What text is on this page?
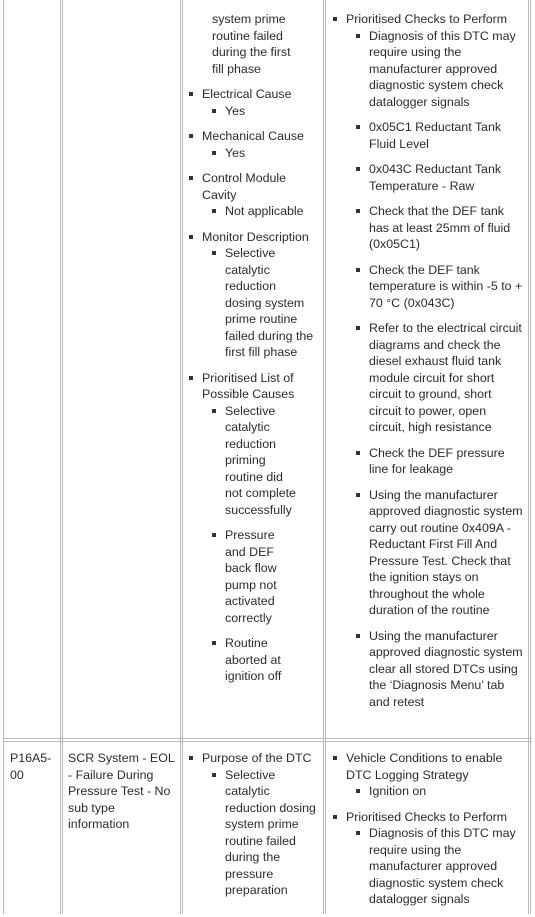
system prime
routine failed
during the first
fill phase
Electrical Cause
Yes
Mechanical Cause
Yes
Control Module Cavity
Not applicable
Monitor Description
Selective catalytic reduction dosing system prime routine failed during the first fill phase
Prioritised List of Possible Causes
Selective catalytic reduction priming routine did not complete successfully
Pressure and DEF back flow pump not activated correctly
Routine aborted at ignition off
Prioritised Checks to Perform
Diagnosis of this DTC may require using the manufacturer approved diagnostic system check datalogger signals
0x05C1 Reductant Tank Fluid Level
0x043C Reductant Tank Temperature - Raw
Check that the DEF tank has at least 25mm of fluid (0x05C1)
Check the DEF tank temperature is within -5 to + 70 °C (0x043C)
Refer to the electrical circuit diagrams and check the diesel exhaust fluid tank module circuit for short circuit to ground, short circuit to power, open circuit, high resistance
Check the DEF pressure line for leakage
Using the manufacturer approved diagnostic system carry out routine 0x409A - Reductant First Fill And Pressure Test. Check that the ignition stays on throughout the whole duration of the routine
Using the manufacturer approved diagnostic system clear all stored DTCs using the ‘Diagnosis Menu’ tab and retest
P16A5-00
SCR System - EOL - Failure During Pressure Test - No sub type information
Purpose of the DTC
Selective catalytic reduction dosing system prime routine failed during the pressure preparation
Vehicle Conditions to enable DTC Logging Strategy
Ignition on
Prioritised Checks to Perform
Diagnosis of this DTC may require using the manufacturer approved diagnostic system check datalogger signals
